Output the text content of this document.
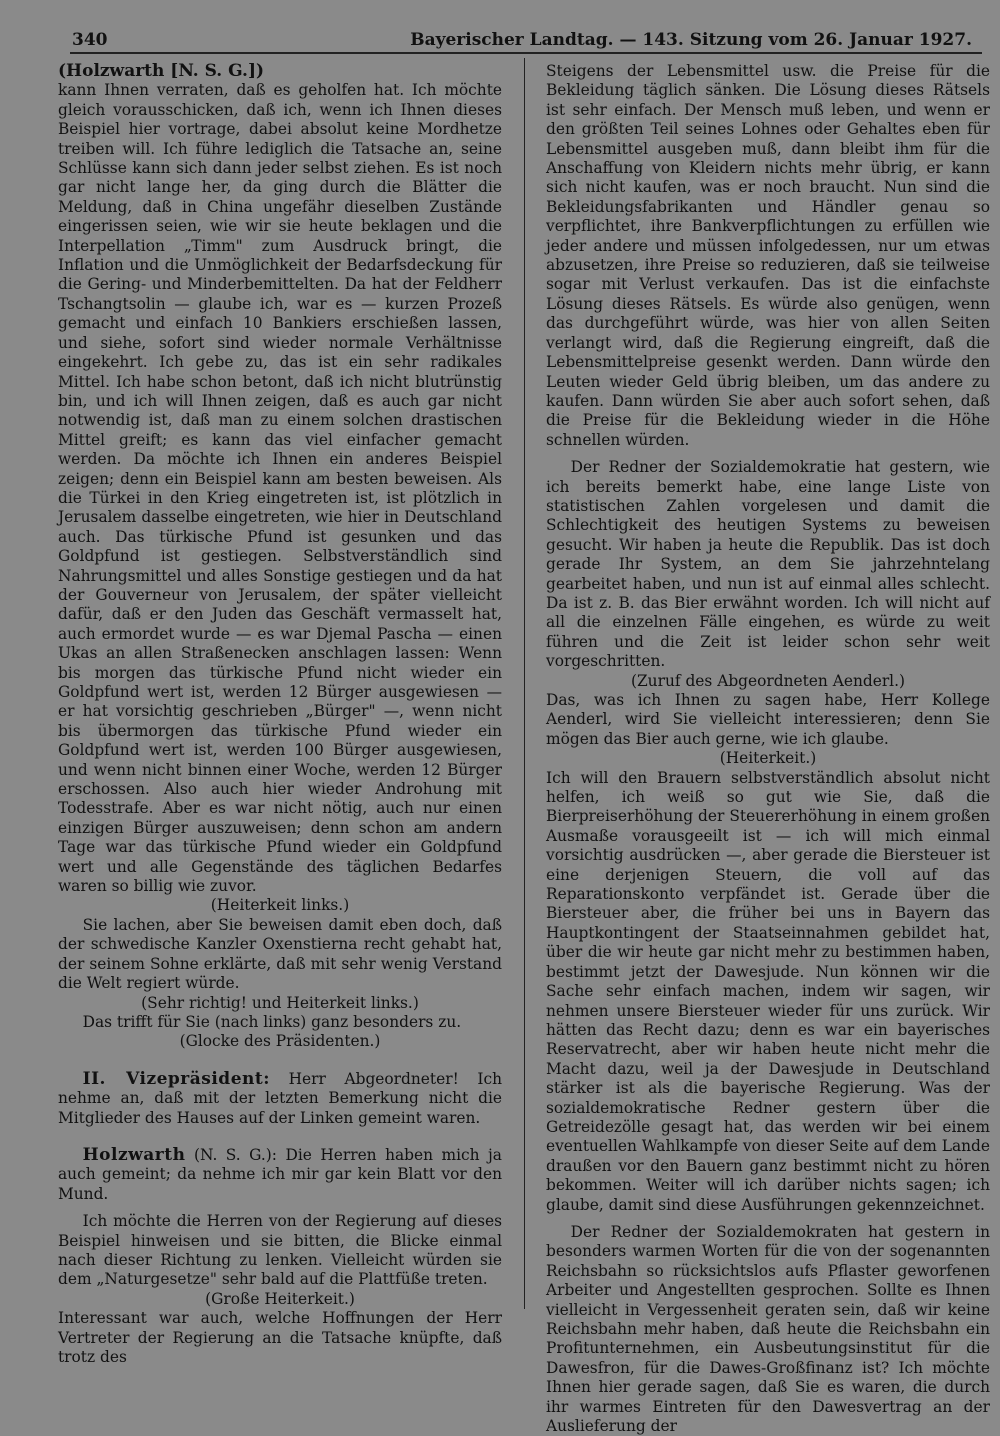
340	Bayerischer Landtag. — 143. Sitzung vom 26. Januar 1927.

(Holzwarth [N. S. G.])

kann Ihnen verraten, daß es geholfen hat. Ich möchte gleich vorausschicken, daß ich, wenn ich Ihnen dieses Beispiel hier vortrage, dabei absolut keine Mordhetze treiben will. Ich führe lediglich die Tatsache an, seine Schlüsse kann sich dann jeder selbst ziehen. Es ist noch gar nicht lange her, da ging durch die Blätter die Meldung, daß in China ungefähr dieselben Zustände eingerissen seien, wie wir sie heute beklagen und die Interpellation „Timm" zum Ausdruck bringt, die Inflation und die Unmöglichkeit der Bedarfsdeckung für die Gering- und Minderbemittelten. Da hat der Feldherr Tschangtsolin — glaube ich, war es — kurzen Prozeß gemacht und einfach 10 Bankiers erschießen lassen, und siehe, sofort sind wieder normale Verhältnisse eingekehrt. Ich gebe zu, das ist ein sehr radikales Mittel. Ich habe schon betont, daß ich nicht blutrünstig bin, und ich will Ihnen zeigen, daß es auch gar nicht notwendig ist, daß man zu einem solchen drastischen Mittel greift; es kann das viel einfacher gemacht werden. Da möchte ich Ihnen ein anderes Beispiel zeigen; denn ein Beispiel kann am besten beweisen. Als die Türkei in den Krieg eingetreten ist, ist plötzlich in Jerusalem dasselbe eingetreten, wie hier in Deutschland auch. Das türkische Pfund ist gesunken und das Goldpfund ist gestiegen. Selbstverständlich sind Nahrungsmittel und alles Sonstige gestiegen und da hat der Gouverneur von Jerusalem, der später vielleicht dafür, daß er den Juden das Geschäft vermasselt hat, auch ermordet wurde — es war Djemal Pascha — einen Ukas an allen Straßenecken anschlagen lassen: Wenn bis morgen das türkische Pfund nicht wieder ein Goldpfund wert ist, werden 12 Bürger ausgewiesen — er hat vorsichtig geschrieben „Bürger" —, wenn nicht bis übermorgen das türkische Pfund wieder ein Goldpfund wert ist, werden 100 Bürger ausgewiesen, und wenn nicht binnen einer Woche, werden 12 Bürger erschossen. Also auch hier wieder Androhung mit Todesstrafe. Aber es war nicht nötig, auch nur einen einzigen Bürger auszuweisen; denn schon am andern Tage war das türkische Pfund wieder ein Goldpfund wert und alle Gegenstände des täglichen Bedarfes waren so billig wie zuvor.

(Heiterkeit links.)

Sie lachen, aber Sie beweisen damit eben doch, daß der schwedische Kanzler Oxenstierna recht gehabt hat, der seinem Sohne erklärte, daß mit sehr wenig Verstand die Welt regiert würde.

(Sehr richtig! und Heiterkeit links.)

Das trifft für Sie (nach links) ganz besonders zu.

(Glocke des Präsidenten.)

II. Vizepräsident: Herr Abgeordneter! Ich nehme an, daß mit der letzten Bemerkung nicht die Mitglieder des Hauses auf der Linken gemeint waren.

Holzwarth (N. S. G.): Die Herren haben mich ja auch gemeint; da nehme ich mir gar kein Blatt vor den Mund.

Ich möchte die Herren von der Regierung auf dieses Beispiel hinweisen und sie bitten, die Blicke einmal nach dieser Richtung zu lenken. Vielleicht würden sie dem „Naturgesetze" sehr bald auf die Plattfüße treten.

(Große Heiterkeit.)

Interessant war auch, welche Hoffnungen der Herr Vertreter der Regierung an die Tatsache knüpfte, daß trotz des

Steigens der Lebensmittel usw. die Preise für die Bekleidung täglich sänken. Die Lösung dieses Rätsels ist sehr einfach. Der Mensch muß leben, und wenn er den größten Teil seines Lohnes oder Gehaltes eben für Lebensmittel ausgeben muß, dann bleibt ihm für die Anschaffung von Kleidern nichts mehr übrig, er kann sich nicht kaufen, was er noch braucht. Nun sind die Bekleidungsfabrikanten und Händler genau so verpflichtet, ihre Bankverpflichtungen zu erfüllen wie jeder andere und müssen infolgedessen, nur um etwas abzusetzen, ihre Preise so reduzieren, daß sie teilweise sogar mit Verlust verkaufen. Das ist die einfachste Lösung dieses Rätsels. Es würde also genügen, wenn das durchgeführt würde, was hier von allen Seiten verlangt wird, daß die Regierung eingreift, daß die Lebensmittelpreise gesenkt werden. Dann würde den Leuten wieder Geld übrig bleiben, um das andere zu kaufen. Dann würden Sie aber auch sofort sehen, daß die Preise für die Bekleidung wieder in die Höhe schnellen würden.

Der Redner der Sozialdemokratie hat gestern, wie ich bereits bemerkt habe, eine lange Liste von statistischen Zahlen vorgelesen und damit die Schlechtigkeit des heutigen Systems zu beweisen gesucht. Wir haben ja heute die Republik. Das ist doch gerade Ihr System, an dem Sie jahrzehntelang gearbeitet haben, und nun ist auf einmal alles schlecht. Da ist z. B. das Bier erwähnt worden. Ich will nicht auf all die einzelnen Fälle eingehen, es würde zu weit führen und die Zeit ist leider schon sehr weit vorgeschritten.

(Zuruf des Abgeordneten Aenderl.)

Das, was ich Ihnen zu sagen habe, Herr Kollege Aenderl, wird Sie vielleicht interessieren; denn Sie mögen das Bier auch gerne, wie ich glaube.

(Heiterkeit.)

Ich will den Brauern selbstverständlich absolut nicht helfen, ich weiß so gut wie Sie, daß die Bierpreiserhöhung der Steuererhöhung in einem großen Ausmaße vorausgeeilt ist — ich will mich einmal vorsichtig ausdrücken —, aber gerade die Biersteuer ist eine derjenigen Steuern, die voll auf das Reparationskonto verpfändet ist. Gerade über die Biersteuer aber, die früher bei uns in Bayern das Hauptkontingent der Staatseinnahmen gebildet hat, über die wir heute gar nicht mehr zu bestimmen haben, bestimmt jetzt der Dawesjude. Nun können wir die Sache sehr einfach machen, indem wir sagen, wir nehmen unsere Biersteuer wieder für uns zurück. Wir hätten das Recht dazu; denn es war ein bayerisches Reservatrecht, aber wir haben heute nicht mehr die Macht dazu, weil ja der Dawesjude in Deutschland stärker ist als die bayerische Regierung. Was der sozialdemokratische Redner gestern über die Getreidezölle gesagt hat, das werden wir bei einem eventuellen Wahlkampfe von dieser Seite auf dem Lande draußen vor den Bauern ganz bestimmt nicht zu hören bekommen. Weiter will ich darüber nichts sagen; ich glaube, damit sind diese Ausführungen gekennzeichnet.

Der Redner der Sozialdemokraten hat gestern in besonders warmen Worten für die von der sogenannten Reichsbahn so rücksichtslos aufs Pflaster geworfenen Arbeiter und Angestellten gesprochen. Sollte es Ihnen vielleicht in Vergessenheit geraten sein, daß wir keine Reichsbahn mehr haben, daß heute die Reichsbahn ein Profitunternehmen, ein Ausbeutungsinstitut für die Dawesfron, für die Dawes-Großfinanz ist? Ich möchte Ihnen hier gerade sagen, daß Sie es waren, die durch ihr warmes Eintreten für den Dawesvertrag an der Auslieferung der
